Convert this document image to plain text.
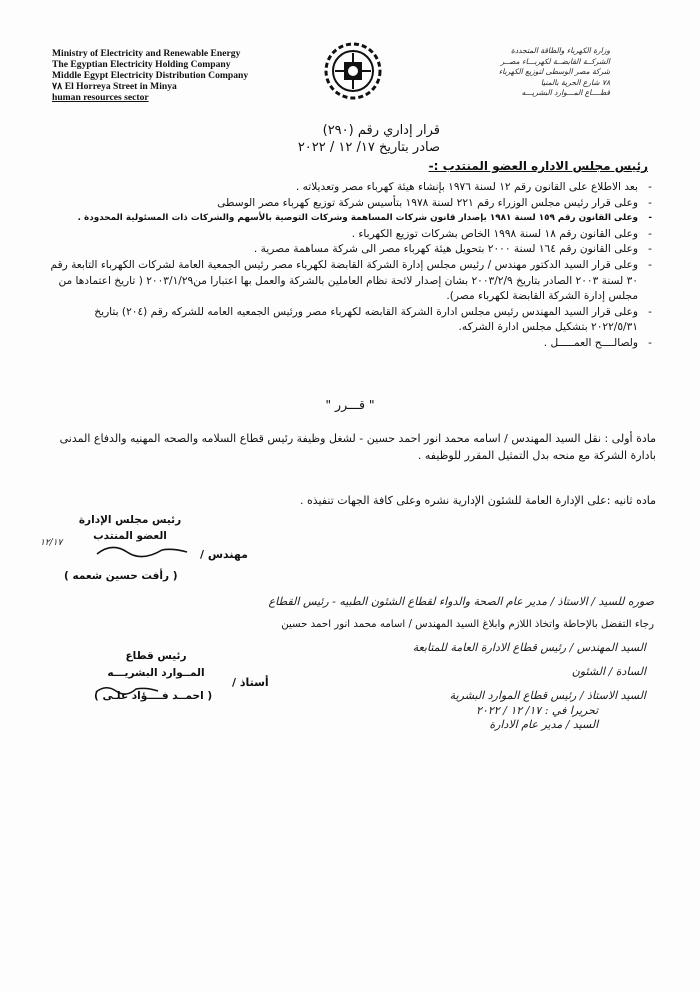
Ministry of Electricity and Renewable Energy
The Egyptian Electricity Holding Company
Middle Egypt Electricity Distribution Company
٧٨ El Horreya Street in Minya
human resources sector
وزارة الكهرباء والطاقة المتجددة
الشركــة القابضــة لكهربـــاء مصــر
شركة مصر الوسطى لتوزيع الكهرباء
٧٨ شارع الحرية بالمنيا
قطــــاع المـــوارد البشريـــه
قرار إداري رقم (٢٩٠)
صادر بتاريخ ١٧/ ١٢ / ٢٠٢٢
رئيس مجلس الاداره العضو المنتدب :-
-
بعد الاطلاع على القانون رقم ١٢ لسنة ١٩٧٦ بإنشاء هيئة كهرباء مصر وتعديلاته .
-
وعلى قرار رئيس مجلس الوزراء رقم ٢٢١ لسنة ١٩٧٨ بتأسيس شركة توزيع كهرباء مصر الوسطى
-
وعلى القانون رقم ١٥٩ لسنة ١٩٨١ بإصدار قانون شركات المساهمة وشركات التوصية بالأسهم والشركات ذات المسئولية المحدودة .
-
وعلى القانون رقم ١٨ لسنة ١٩٩٨ الخاص بشركات توزيع الكهرباء .
-
وعلى القانون رقم ١٦٤ لسنة ٢٠٠٠ بتحويل هيئة كهرباء مصر الى شركة مساهمة مصرية .
-
وعلى قرار السيد الدكتور مهندس / رئيس مجلس إدارة الشركة القابضة لكهرباء مصر رئيس الجمعية العامة لشركات الكهرباء التابعة رقم ٣٠ لسنة ٢٠٠٣ الصادر بتاريخ ٢٠٠٣/٢/٩ بشان إصدار لائحة نظام العاملين بالشركة والعمل بها اعتبارا من٢٠٠٣/١/٢٩ ( تاريخ اعتمادها من مجلس إدارة الشركة القابضة لكهرباء مصر).
-
وعلى قرار السيد المهندس رئيس مجلس ادارة الشركة القابضه لكهرباء مصر ورئيس الجمعيه العامه للشركه رقم (٢٠٤) بتاريخ ٢٠٢٢/٥/٣١ بتشكيل مجلس ادارة الشركه.
-
ولصالــــح العمـــــل .
" قـــرر "
مادة أولى : نقل السيد المهندس / اسامه محمد انور احمد حسين - لشغل وظيفة رئيس قطاع السلامه والصحه المهنيه والدفاع المدنى بادارة الشركة مع منحه بدل التمثيل المقرر للوظيفه .
ماده ثانيه :على الإدارة العامة للشئون الإدارية نشره وعلى كافة الجهات تنفيذه .
رئيس مجلس الإدارة
العضو المنتدب
١٢/١٧
مهندس /
( رأفت حسين شعمه )
صوره للسيد / الاستاذ / مدير عام الصحة والدواء لقطاع الشئون الطبيه - رئيس القطاع
رجاء التفضل بالإحاطة واتخاذ اللازم وابلاغ السيد المهندس / اسامه محمد انور احمد حسين
رئيس قطاع
المــوارد البشريـــه
أستاذ /
( احمــد فــــؤاد علـى )
السيد المهندس / رئيس قطاع الادارة العامة للمتابعة
السادة / الشئون
السيد الاستاذ / رئيس قطاع الموارد البشرية
تحريرا في : ١٧/ ١٢ / ٢٠٢٢
السيد / مدير عام الادارة
